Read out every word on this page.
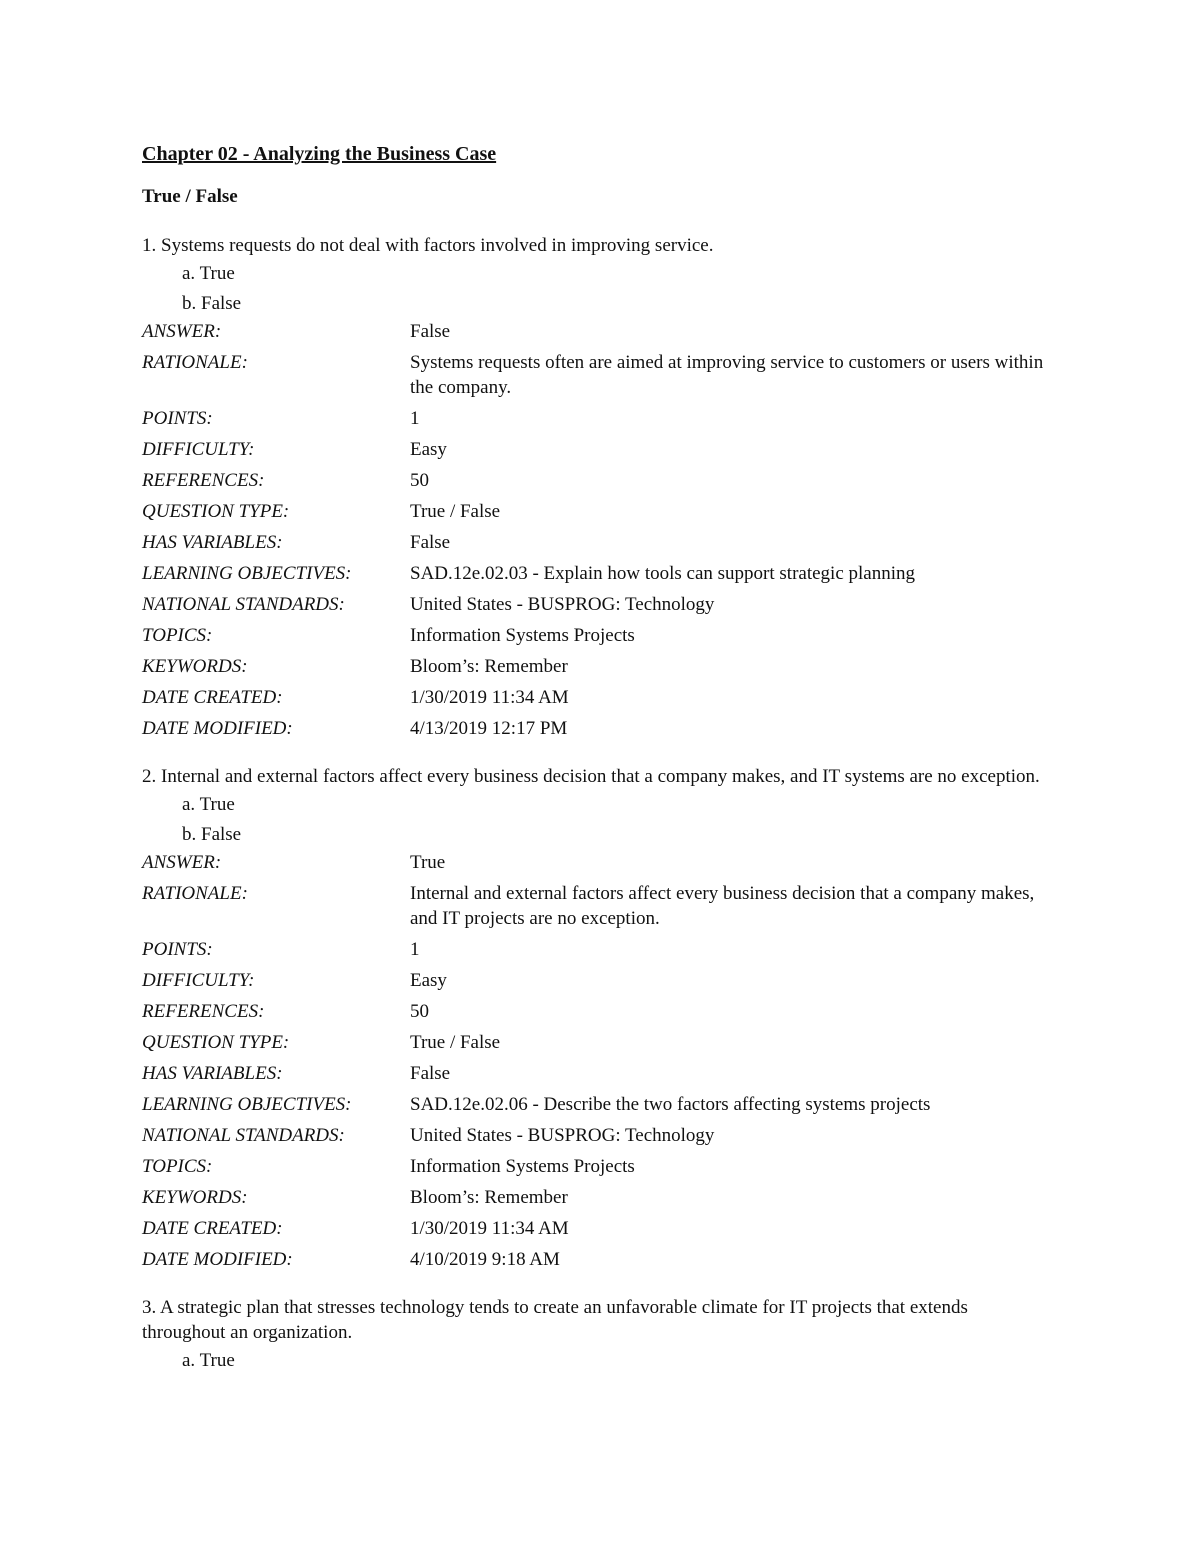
Chapter 02 - Analyzing the Business Case

True / False

1. Systems requests do not deal with factors involved in improving service.

a. True
b. False
ANSWER:	False
RATIONALE:	Systems requests often are aimed at improving service to customers or users within the company.
POINTS:	1
DIFFICULTY:	Easy
REFERENCES:	50
QUESTION TYPE:	True / False
HAS VARIABLES:	False
LEARNING OBJECTIVES:	SAD.12e.02.03 - Explain how tools can support strategic planning
NATIONAL STANDARDS:	United States - BUSPROG: Technology
TOPICS:	Information Systems Projects
KEYWORDS:	Bloom’s: Remember
DATE CREATED:	1/30/2019 11:34 AM
DATE MODIFIED:	4/13/2019 12:17 PM

2. Internal and external factors affect every business decision that a company makes, and IT systems are no exception.

a. True
b. False
ANSWER:	True
RATIONALE:	Internal and external factors affect every business decision that a company makes, and IT projects are no exception.
POINTS:	1
DIFFICULTY:	Easy
REFERENCES:	50
QUESTION TYPE:	True / False
HAS VARIABLES:	False
LEARNING OBJECTIVES:	SAD.12e.02.06 - Describe the two factors affecting systems projects
NATIONAL STANDARDS:	United States - BUSPROG: Technology
TOPICS:	Information Systems Projects
KEYWORDS:	Bloom’s: Remember
DATE CREATED:	1/30/2019 11:34 AM
DATE MODIFIED:	4/10/2019 9:18 AM

3. A strategic plan that stresses technology tends to create an unfavorable climate for IT projects that extends throughout an organization.

a. True
